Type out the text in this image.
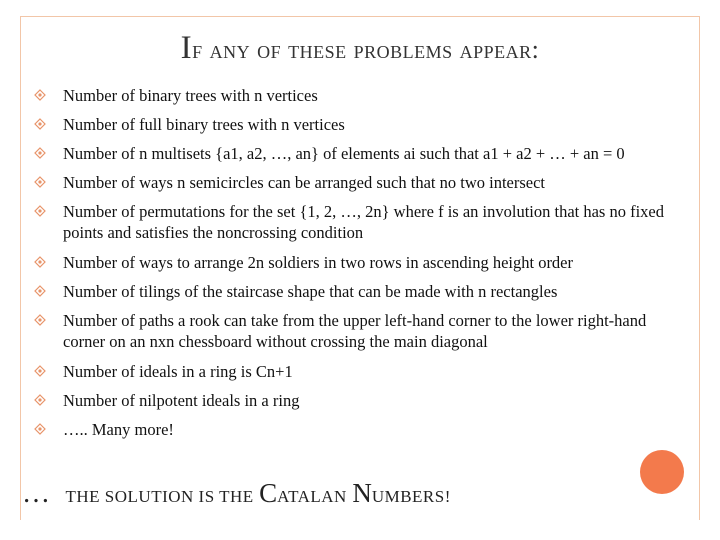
If any of these problems appear:
Number of binary trees with n vertices
Number of full binary trees with n vertices
Number of n multisets {a1, a2, …, an} of elements ai such that a1 + a2 + … + an = 0
Number of ways n semicircles can be arranged such that no two intersect
Number of permutations for the set {1, 2, …, 2n} where f is an involution that has no fixed points and satisfies the noncrossing condition
Number of ways to arrange 2n soldiers in two rows in ascending height order
Number of tilings of the staircase shape that can be made with n rectangles
Number of paths a rook can take from the upper left-hand corner to the lower right-hand corner on an nxn chessboard without crossing the main diagonal
Number of ideals in a ring is Cn+1
Number of nilpotent ideals in a ring
….. Many more!
… THE SOLUTION IS THE CATALAN NUMBERS!
